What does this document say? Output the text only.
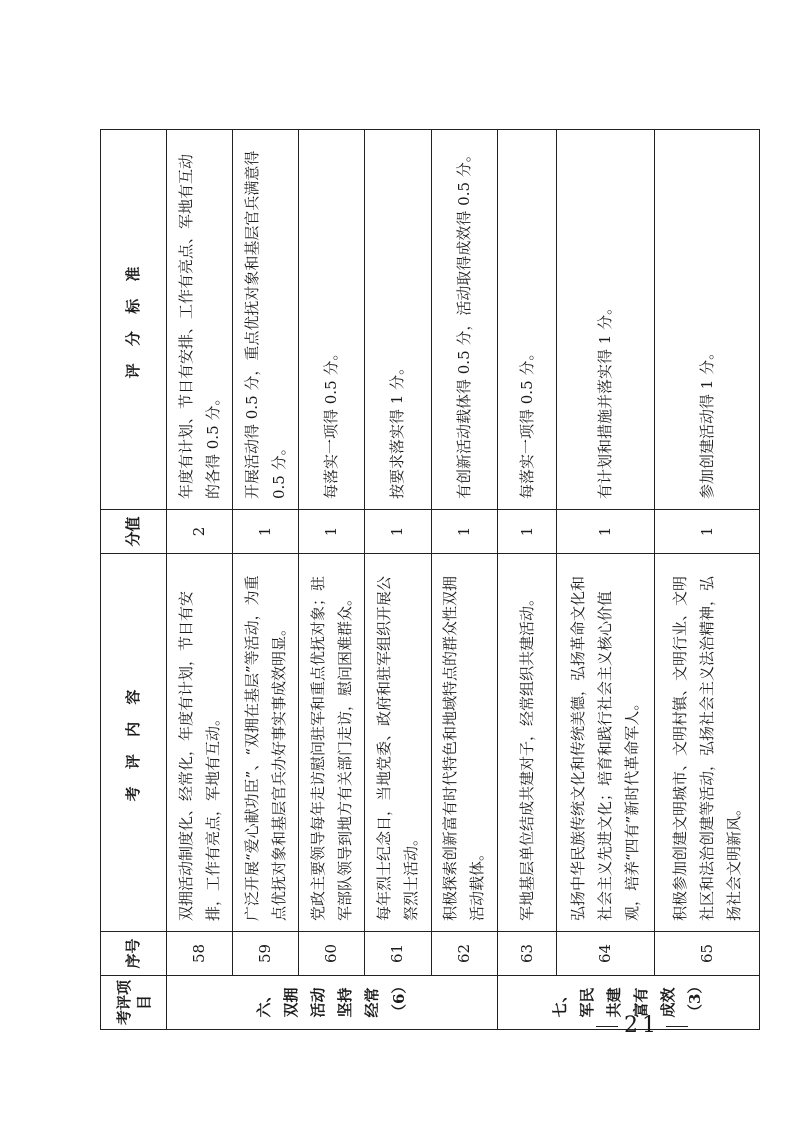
考评项目	序号	考 评 内 容	分值	评 分 标 准
六、双拥活动坚持经常（6）	58	双拥活动制度化、经常化，年度有计划，节日有安排，工作有亮点，军地有互动。	2	年度有计划、节日有安排、工作有亮点、军地有互动的各得 0.5 分。
	59	广泛开展“爱心献功臣”、“双拥在基层”等活动，为重点优抚对象和基层官兵办好事实事成效明显。	1	开展活动得 0.5 分，重点优抚对象和基层官兵满意得 0.5 分。
	60	党政主要领导每年走访慰问驻军和重点优抚对象；驻军部队领导到地方有关部门走访，慰问困难群众。	1	每落实一项得 0.5 分。
	61	每年烈士纪念日，当地党委、政府和驻军组织开展公祭烈士活动。	1	按要求落实得 1 分。
	62	积极探索创新富有时代特色和地域特点的群众性双拥活动载体。	1	有创新活动载体得 0.5 分，活动取得成效得 0.5 分。
七、军民共建富有成效（3）	63	军地基层单位结成共建对子，经常组织共建活动。	1	每落实一项得 0.5 分。
	64	弘扬中华民族传统文化和传统美德，弘扬革命文化和社会主义先进文化；培育和践行社会主义核心价值观，培养“四有”新时代革命军人。	1	有计划和措施并落实得 1 分。
	65	积极参加创建文明城市、文明村镇、文明行业、文明社区和法治创建等活动，弘扬社会主义法治精神，弘扬社会文明新风。	1	参加创建活动得 1 分。
21
